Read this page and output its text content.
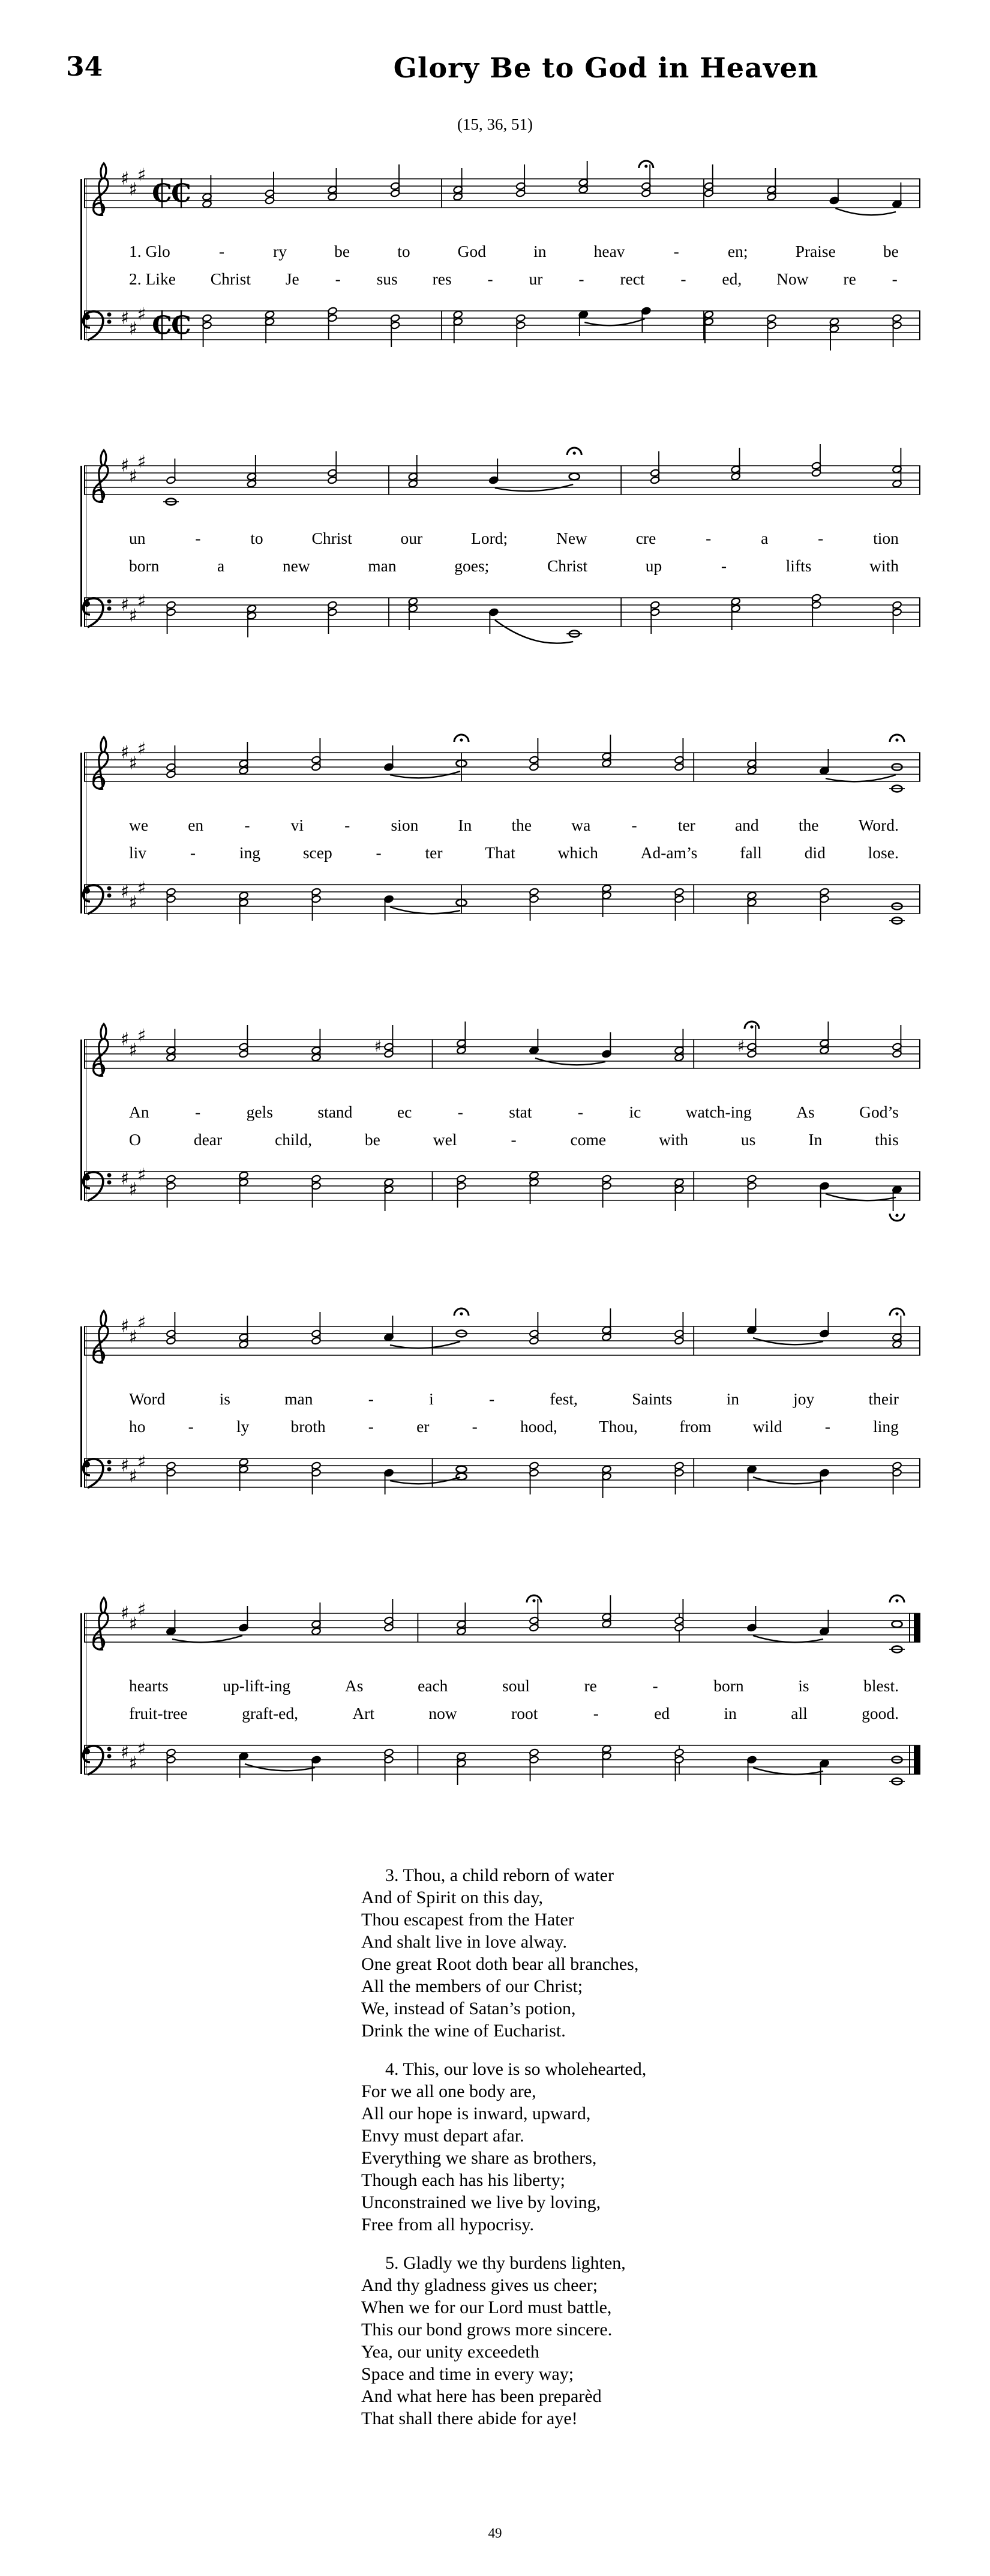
34	Glory Be to God in Heaven
(15, 36, 51)
♯
♯
♯
C
C
1. Glo	-	ry	be	to	God	in	heav	-	en;	Praise	be
2. Like Christ Je - sus res - ur - rect - ed, Now re -
♯
♯
♯ C
C
♯
♯
♯
un	-	to	Christ	our	Lord;	New	cre	-	a	-	tion
born	a	new	man	goes;	Christ	up	-	lifts	with
♯
♯
♯
♯
♯
♯
we en - vi - sion In the wa - ter and the Word.
liv	-	ing	scep	-	ter	That	which	Ad-am’s	fall	did	lose.
♯
♯
♯
♯
♯
♯
♯	♯
An	-	gels	stand	ec	-	stat	-	ic	watch-ing	As	God’s
O	dear	child,	be	wel	-	come	with	us	In	this
♯
♯
♯
♯
♯
♯
Word	is	man	-	i	-	fest,	Saints	in	joy	their
ho	-	ly	broth	-	er	-	hood,	Thou,	from	wild	-	ling
♯
♯
♯
♯
♯
♯
hearts	up-lift-ing	As	each	soul	re	-	born	is	blest.
fruit-tree	graft-ed,	Art	now	root	-	ed	in	all	good.
♯
♯
♯

3. Thou, a child reborn of water

And of Spirit on this day,

Thou escapest from the Hater

And shalt live in love alway.

One great Root doth bear all branches,

All the members of our Christ;

We, instead of Satan’s potion,

Drink the wine of Eucharist.

4. This, our love is so wholehearted,

For we all one body are,

All our hope is inward, upward,

Envy must depart afar.

Everything we share as brothers,

Though each has his liberty;

Unconstrained we live by loving,

Free from all hypocrisy.

5. Gladly we thy burdens lighten,

And thy gladness gives us cheer;

When we for our Lord must battle,

This our bond grows more sincere.

Yea, our unity exceedeth

Space and time in every way;

And what here has been preparèd

That shall there abide for aye!

49
